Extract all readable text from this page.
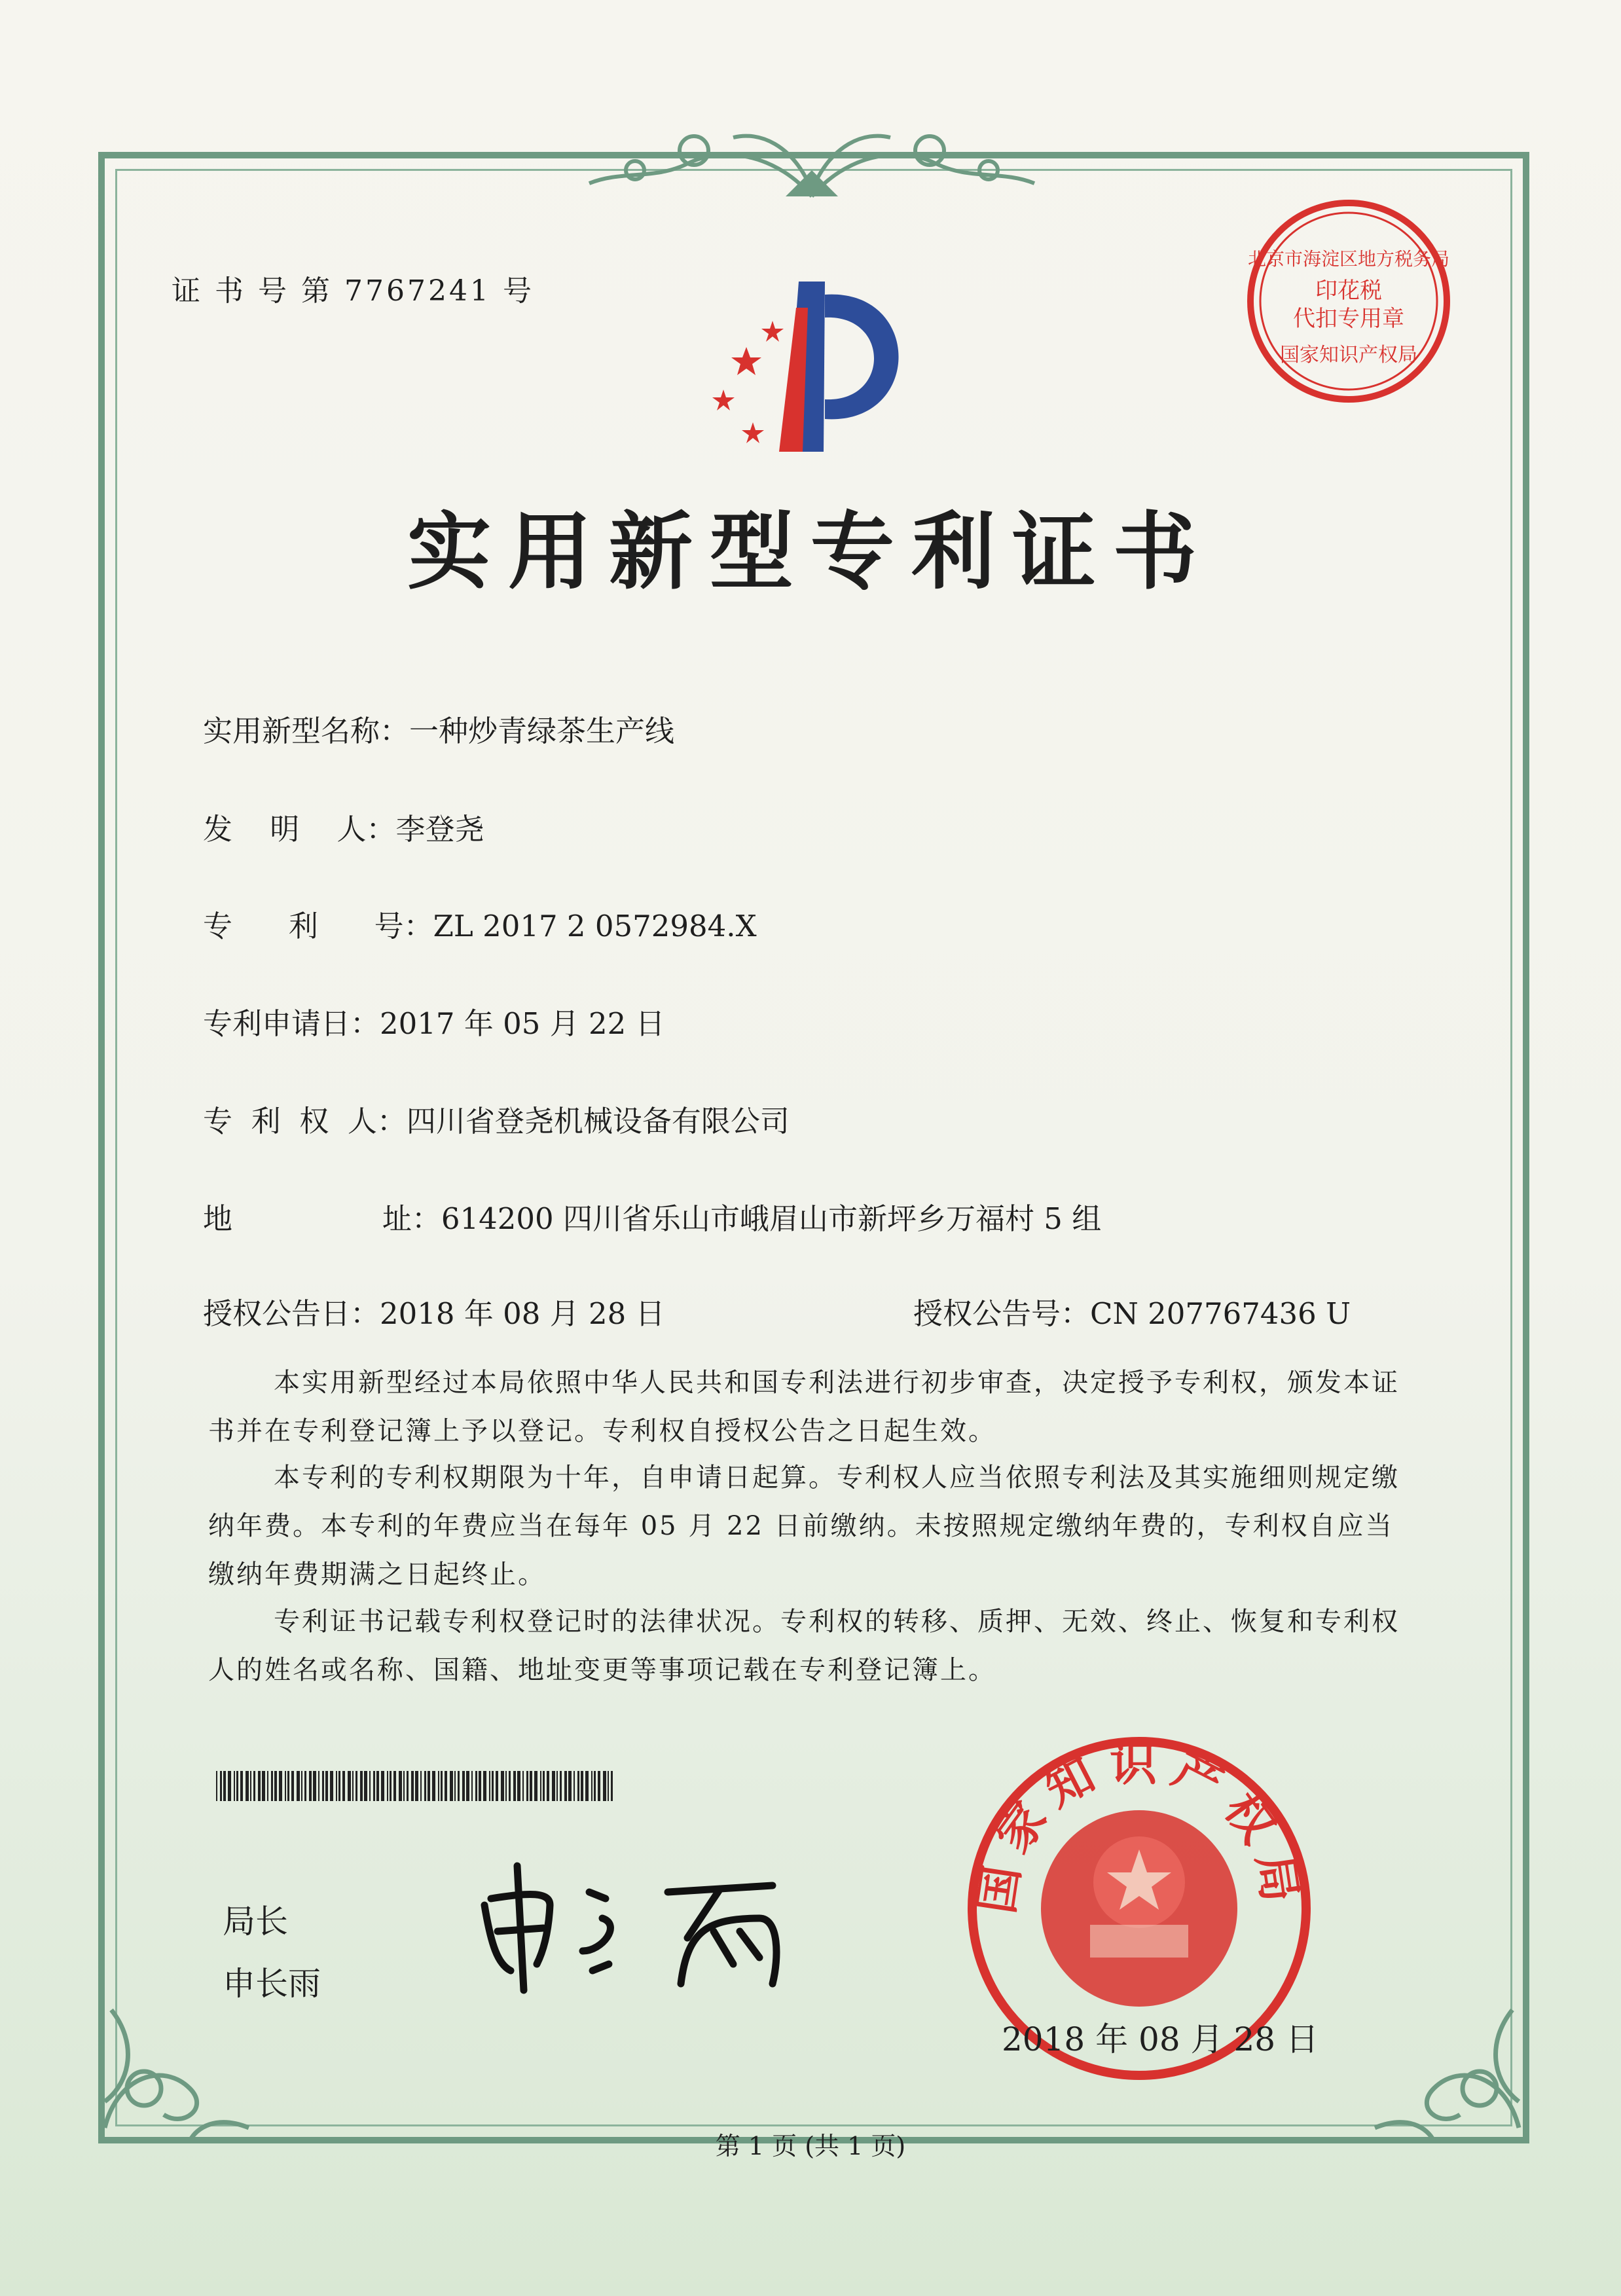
证 书 号 第 7767241 号
北京市海淀区地方税务局
印花税
代扣专用章
国家知识产权局
实用新型专利证书
实用新型名称：一种炒青绿茶生产线
发    明    人：李登尧
专      利      号：ZL 2017 2 0572984.X
专利申请日：2017 年 05 月 22 日
专  利  权  人：四川省登尧机械设备有限公司
地                址：614200 四川省乐山市峨眉山市新坪乡万福村 5 组
授权公告日：2018 年 08 月 28 日	授权公告号：CN 207767436 U
本实用新型经过本局依照中华人民共和国专利法进行初步审查，决定授予专利权，颁发本证书并在专利登记簿上予以登记。专利权自授权公告之日起生效。
本专利的专利权期限为十年，自申请日起算。专利权人应当依照专利法及其实施细则规定缴纳年费。本专利的年费应当在每年 05 月 22 日前缴纳。未按照规定缴纳年费的，专利权自应当缴纳年费期满之日起终止。
专利证书记载专利权登记时的法律状况。专利权的转移、质押、无效、终止、恢复和专利权人的姓名或名称、国籍、地址变更等事项记载在专利登记簿上。
局长
申长雨
国家知识产权局
2018 年 08 月 28 日
第 1 页 (共 1 页)
